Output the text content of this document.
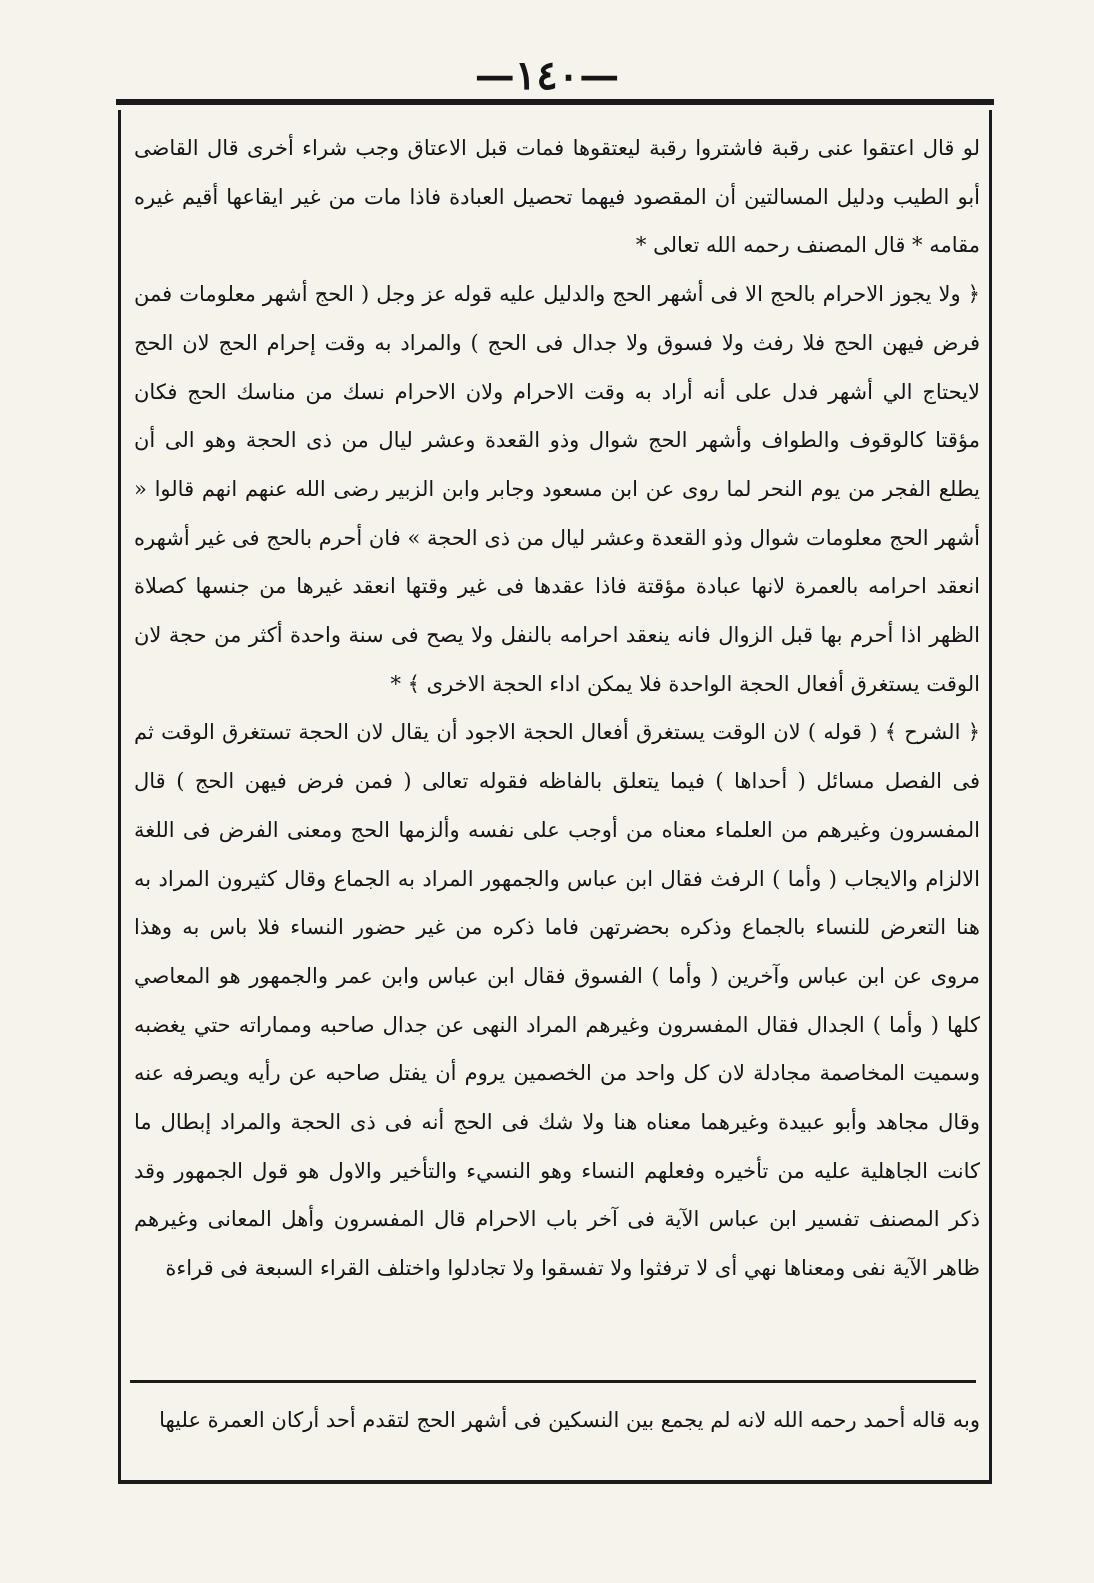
—١٤٠—

لو قال اعتقوا عنى رقبة فاشتروا رقبة ليعتقوها فمات قبل الاعتاق وجب شراء أخرى قال القاضى أبو الطيب ودليل المسالتين أن المقصود فيهما تحصيل العبادة فاذا مات من غير ايقاعها أقيم غيره مقامه * قال المصنف رحمه الله تعالى *

﴿ ولا يجوز الاحرام بالحج الا فى أشهر الحج والدليل عليه قوله عز وجل ( الحج أشهر معلومات فمن فرض فيهن الحج فلا رفث ولا فسوق ولا جدال فى الحج ) والمراد به وقت إحرام الحج لان الحج لايحتاج الي أشهر فدل على أنه أراد به وقت الاحرام ولان الاحرام نسك من مناسك الحج فكان مؤقتا كالوقوف والطواف وأشهر الحج شوال وذو القعدة وعشر ليال من ذى الحجة وهو الى أن يطلع الفجر من يوم النحر لما روى عن ابن مسعود وجابر وابن الزبير رضى الله عنهم انهم قالوا « أشهر الحج معلومات شوال وذو القعدة وعشر ليال من ذى الحجة » فان أحرم بالحج فى غير أشهره انعقد احرامه بالعمرة لانها عبادة مؤقتة فاذا عقدها فى غير وقتها انعقد غيرها من جنسها كصلاة الظهر اذا أحرم بها قبل الزوال فانه ينعقد احرامه بالنفل ولا يصح فى سنة واحدة أكثر من حجة لان الوقت يستغرق أفعال الحجة الواحدة فلا يمكن اداء الحجة الاخرى ﴾ *

﴿ الشرح ﴾ ( قوله ) لان الوقت يستغرق أفعال الحجة الاجود أن يقال لان الحجة تستغرق الوقت ثم فى الفصل مسائل ( أحداها ) فيما يتعلق بالفاظه فقوله تعالى ( فمن فرض فيهن الحج ) قال المفسرون وغيرهم من العلماء معناه من أوجب على نفسه وألزمها الحج ومعنى الفرض فى اللغة الالزام والايجاب ( وأما ) الرفث فقال ابن عباس والجمهور المراد به الجماع وقال كثيرون المراد به هنا التعرض للنساء بالجماع وذكره بحضرتهن فاما ذكره من غير حضور النساء فلا باس به وهذا مروى عن ابن عباس وآخرين ( وأما ) الفسوق فقال ابن عباس وابن عمر والجمهور هو المعاصي كلها ( وأما ) الجدال فقال المفسرون وغيرهم المراد النهى عن جدال صاحبه ومماراته حتي يغضبه وسميت المخاصمة مجادلة لان كل واحد من الخصمين يروم أن يفتل صاحبه عن رأيه ويصرفه عنه وقال مجاهد وأبو عبيدة وغيرهما معناه هنا ولا شك فى الحج أنه فى ذى الحجة والمراد إبطال ما كانت الجاهلية عليه من تأخيره وفعلهم النساء وهو النسيء والتأخير والاول هو قول الجمهور وقد ذكر المصنف تفسير ابن عباس الآية فى آخر باب الاحرام قال المفسرون وأهل المعانى وغيرهم ظاهر الآية نفى ومعناها نهي أى لا ترفثوا ولا تفسقوا ولا تجادلوا واختلف القراء السبعة فى قراءة

وبه قاله أحمد رحمه الله لانه لم يجمع بين النسكين فى أشهر الحج لتقدم أحد أركان العمرة عليها
